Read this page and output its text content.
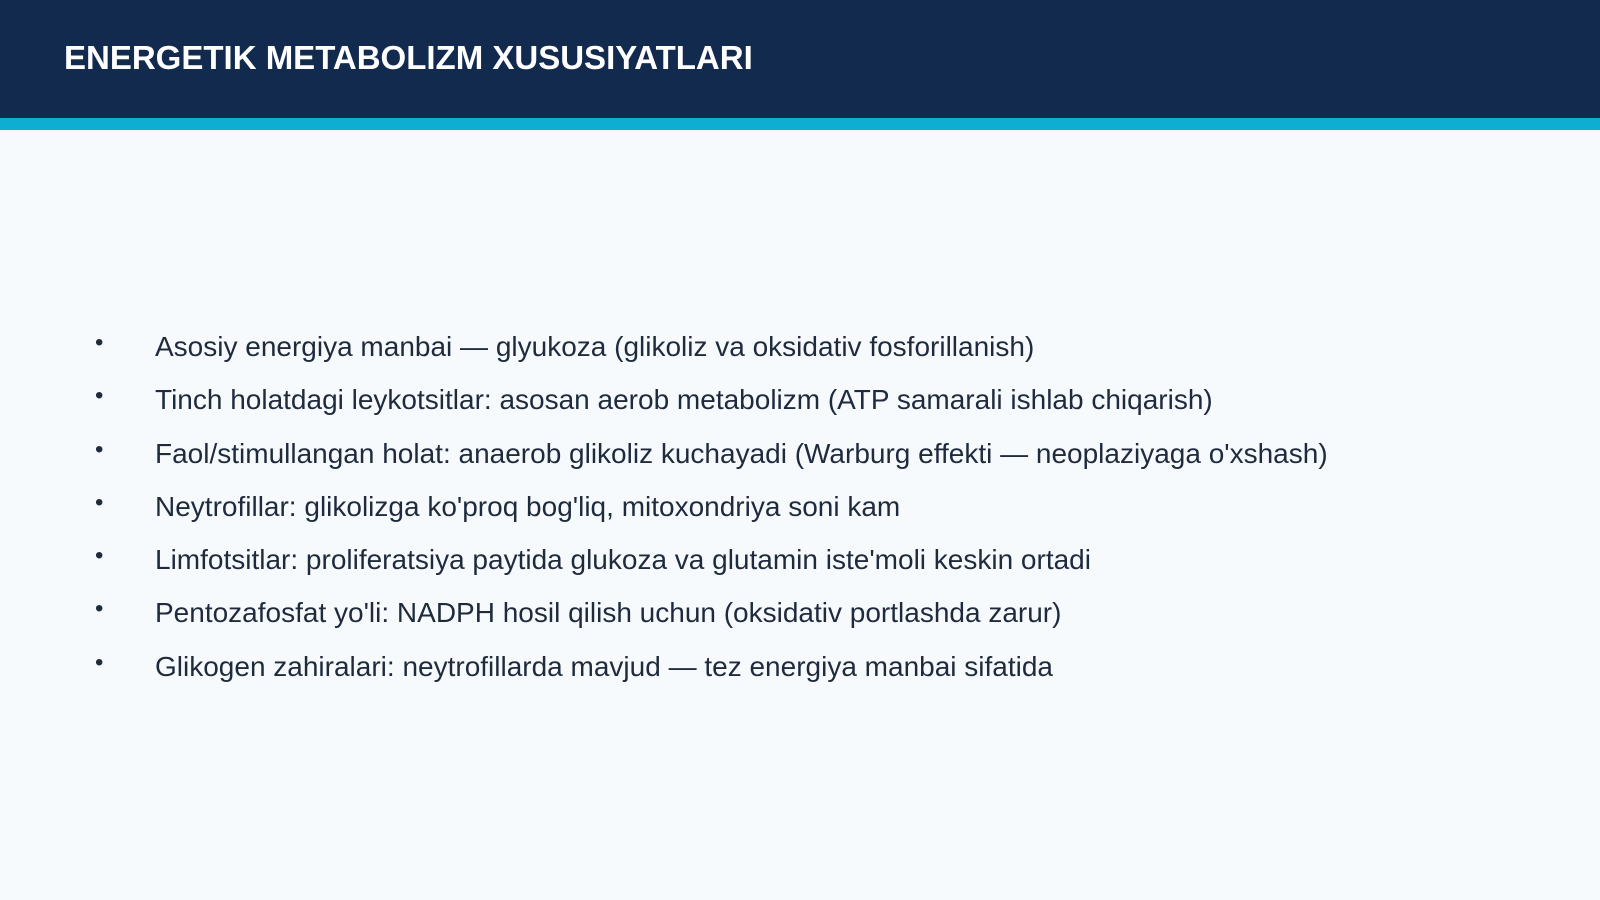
ENERGETIK METABOLIZM XUSUSIYATLARI
•	Asosiy energiya manbai — glyukoza (glikoliz va oksidativ fosforillanish)
•	Tinch holatdagi leykotsitlar: asosan aerob metabolizm (ATP samarali ishlab chiqarish)
•	Faol/stimullangan holat: anaerob glikoliz kuchayadi (Warburg effekti — neoplaziyaga o'xshash)
•	Neytrofillar: glikolizga ko'proq bog'liq, mitoxondriya soni kam
•	Limfotsitlar: proliferatsiya paytida glukoza va glutamin iste'moli keskin ortadi
•	Pentozafosfat yo'li: NADPH hosil qilish uchun (oksidativ portlashda zarur)
•	Glikogen zahiralari: neytrofillarda mavjud — tez energiya manbai sifatida
